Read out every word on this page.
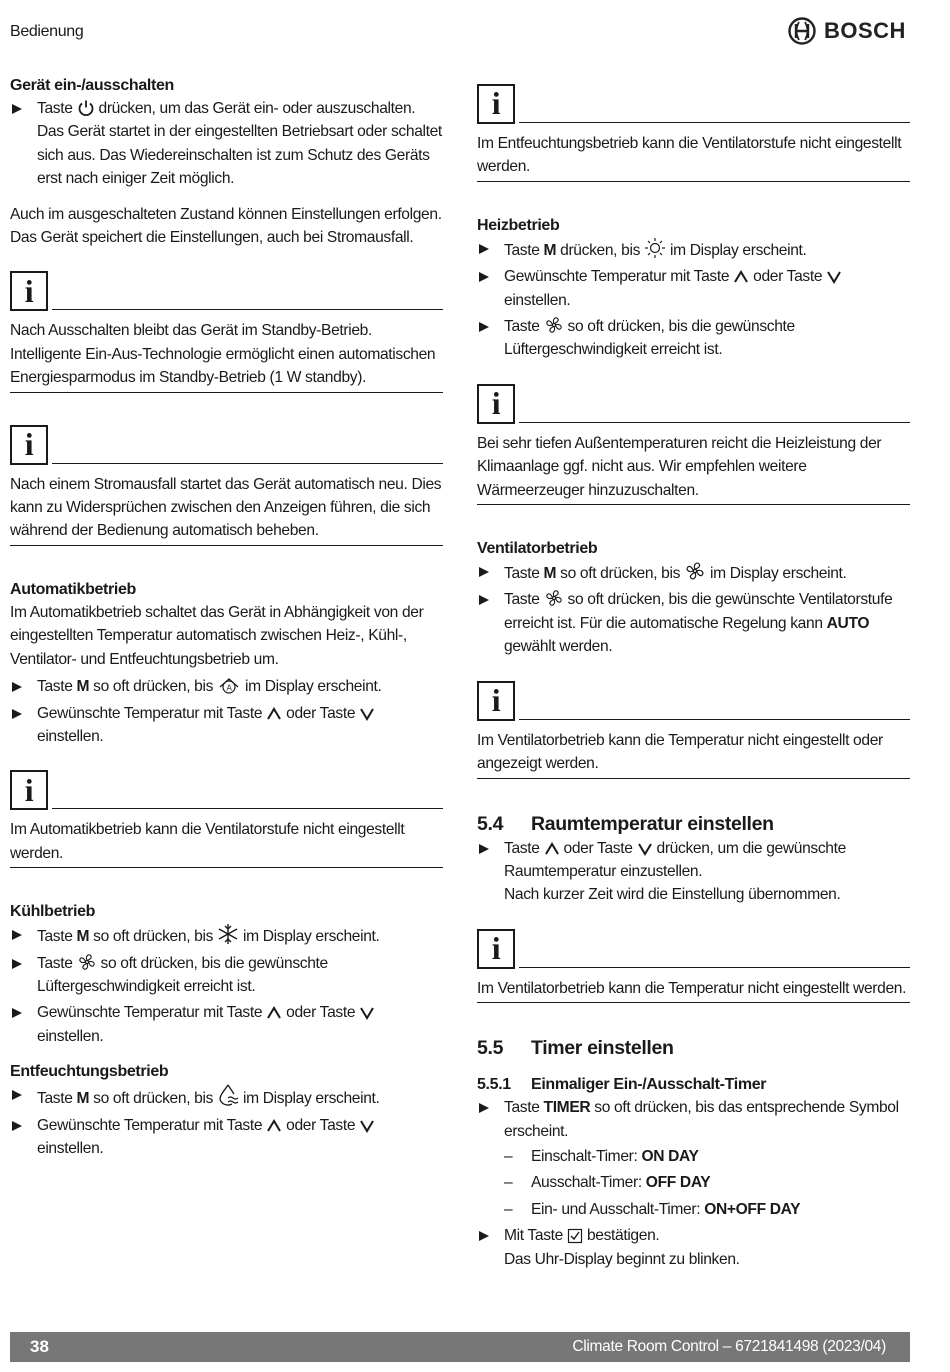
Bedienung	BOSCH
Gerät ein-/ausschalten
Taste drücken, um das Gerät ein- oder auszuschalten. Das Gerät startet in der eingestellten Betriebsart oder schaltet sich aus. Das Wiedereinschalten ist zum Schutz des Geräts erst nach einiger Zeit möglich.

Auch im ausgeschalteten Zustand können Einstellungen erfolgen. Das Gerät speichert die Einstellungen, auch bei Stromausfall.

i

Nach Ausschalten bleibt das Gerät im Standby-Betrieb. Intelligente Ein-Aus-Technologie ermöglicht einen automatischen Energiesparmodus im Standby-Betrieb (1 W standby).

i

Nach einem Stromausfall startet das Gerät automatisch neu. Dies kann zu Widersprüchen zwischen den Anzeigen führen, die sich während der Bedienung automatisch beheben.

Automatikbetrieb

Im Automatikbetrieb schaltet das Gerät in Abhängigkeit von der eingestellten Temperatur automatisch zwischen Heiz-, Kühl-, Ventilator- und Entfeuchtungsbetrieb um.

Taste M so oft drücken, bis A im Display erscheint.
Gewünschte Temperatur mit Taste oder Taste  einstellen.
i

Im Automatikbetrieb kann die Ventilatorstufe nicht eingestellt werden.

Kühlbetrieb
Taste M so oft drücken, bis im Display erscheint.
Taste so oft drücken, bis die gewünschte Lüftergeschwindigkeit erreicht ist.
Gewünschte Temperatur mit Taste oder Taste  einstellen.
Entfeuchtungsbetrieb
Taste M so oft drücken, bis im Display erscheint.
Gewünschte Temperatur mit Taste oder Taste  einstellen.
i

Im Entfeuchtungsbetrieb kann die Ventilatorstufe nicht eingestellt werden.

Heizbetrieb
Taste M drücken, bis im Display erscheint.
Gewünschte Temperatur mit Taste oder Taste  einstellen.
Taste so oft drücken, bis die gewünschte Lüftergeschwindigkeit erreicht ist.
i

Bei sehr tiefen Außentemperaturen reicht die Heizleistung der Klimaanlage ggf. nicht aus. Wir empfehlen weitere Wärmeerzeuger hinzuzuschalten.

Ventilatorbetrieb
Taste M so oft drücken, bis im Display erscheint.
Taste so oft drücken, bis die gewünschte Ventilatorstufe erreicht ist. Für die automatische Regelung kann AUTO gewählt werden.
i

Im Ventilatorbetrieb kann die Temperatur nicht eingestellt oder angezeigt werden.

5.4	Raumtemperatur einstellen
Taste oder Taste drücken, um die gewünschte Raumtemperatur einzustellen.
Nach kurzer Zeit wird die Einstellung übernommen.
i

Im Ventilatorbetrieb kann die Temperatur nicht eingestellt werden.

5.5	Timer einstellen
5.5.1	Einmaliger Ein-/Ausschalt-Timer
Taste TIMER so oft drücken, bis das entsprechende Symbol erscheint.
– Einschalt-Timer: ON DAY
– Ausschalt-Timer: OFF DAY
– Ein- und Ausschalt-Timer: ON+OFF DAY
Mit Taste bestätigen.
Das Uhr-Display beginnt zu blinken.
38	Climate Room Control – 6721841498 (2023/04)
